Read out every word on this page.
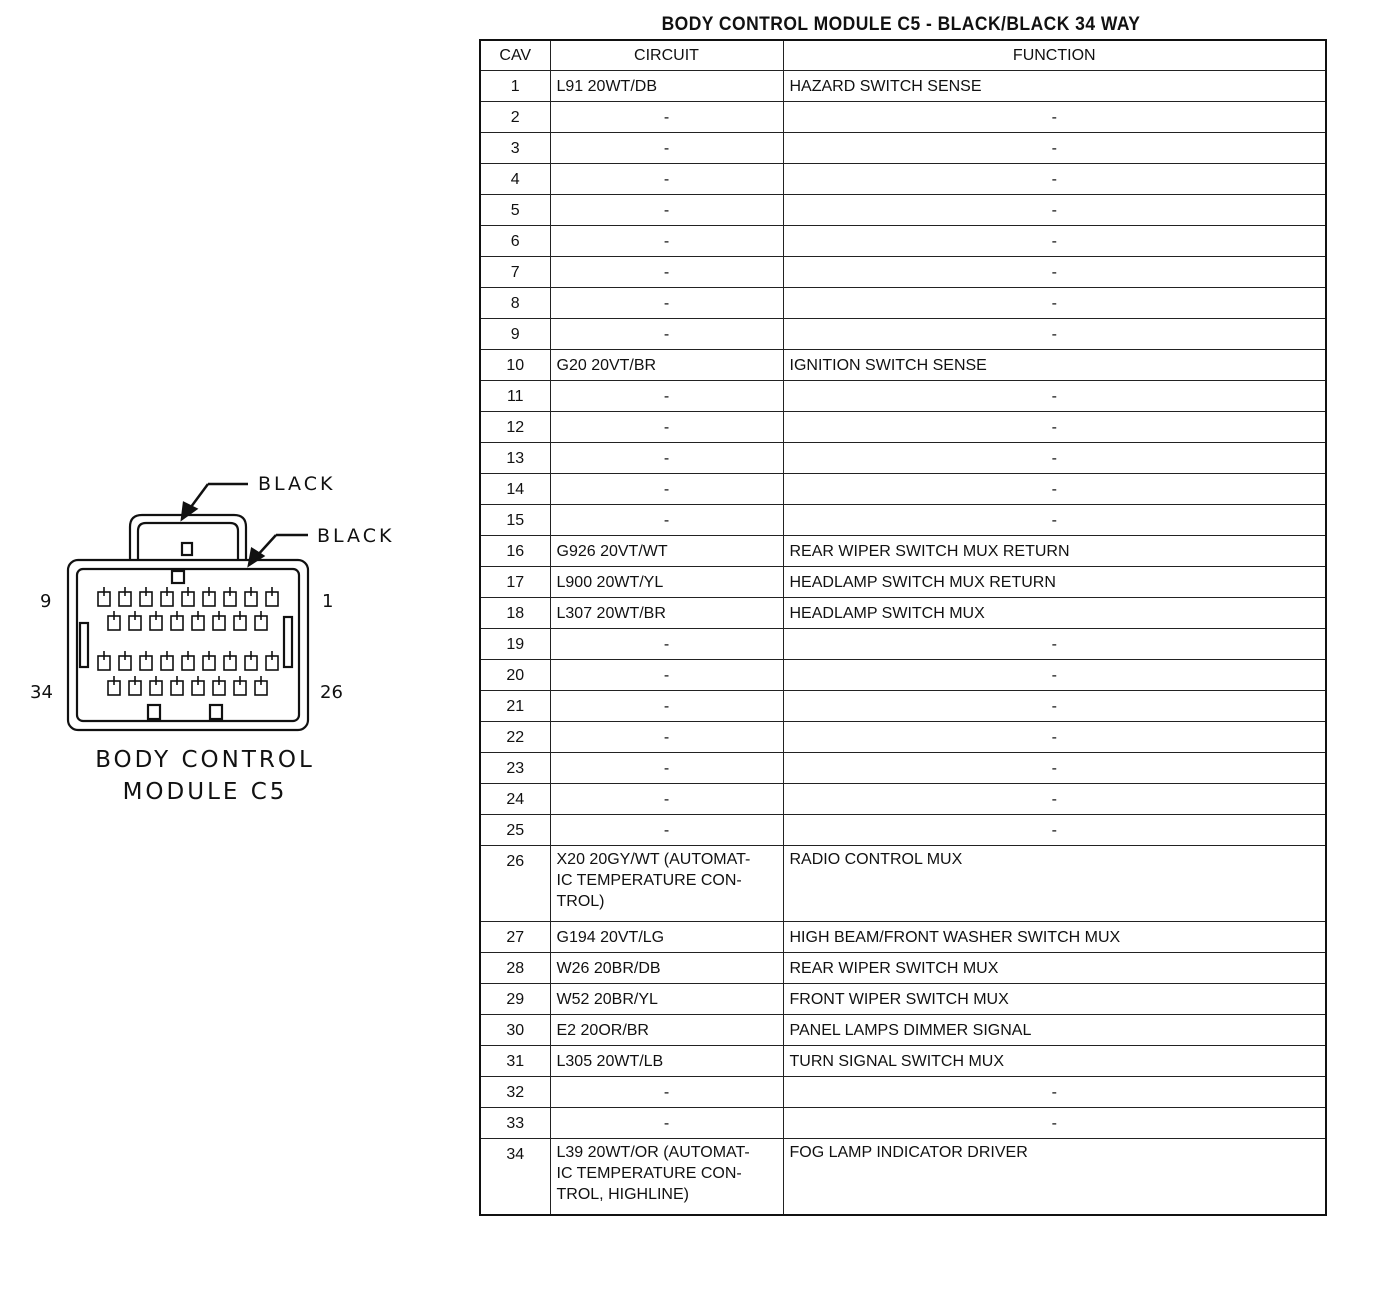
BLACK
BLACK
9	1
34	26
BODY CONTROL
MODULE C5
BODY CONTROL MODULE C5 - BLACK/BLACK 34 WAY
CAV	CIRCUIT	FUNCTION
1	L91 20WT/DB	HAZARD SWITCH SENSE
2	-	-
3	-	-
4	-	-
5	-	-
6	-	-
7	-	-
8	-	-
9	-	-
10	G20 20VT/BR	IGNITION SWITCH SENSE
11	-	-
12	-	-
13	-	-
14	-	-
15	-	-
16	G926 20VT/WT	REAR WIPER SWITCH MUX RETURN
17	L900 20WT/YL	HEADLAMP SWITCH MUX RETURN
18	L307 20WT/BR	HEADLAMP SWITCH MUX
19	-	-
20	-	-
21	-	-
22	-	-
23	-	-
24	-	-
25	-	-
26	X20 20GY/WT (AUTOMAT-
IC TEMPERATURE CON-
TROL)	RADIO CONTROL MUX
27	G194 20VT/LG	HIGH BEAM/FRONT WASHER SWITCH MUX
28	W26 20BR/DB	REAR WIPER SWITCH MUX
29	W52 20BR/YL	FRONT WIPER SWITCH MUX
30	E2 20OR/BR	PANEL LAMPS DIMMER SIGNAL
31	L305 20WT/LB	TURN SIGNAL SWITCH MUX
32	-	-
33	-	-
34	L39 20WT/OR (AUTOMAT-
IC TEMPERATURE CON-
TROL, HIGHLINE)	FOG LAMP INDICATOR DRIVER
